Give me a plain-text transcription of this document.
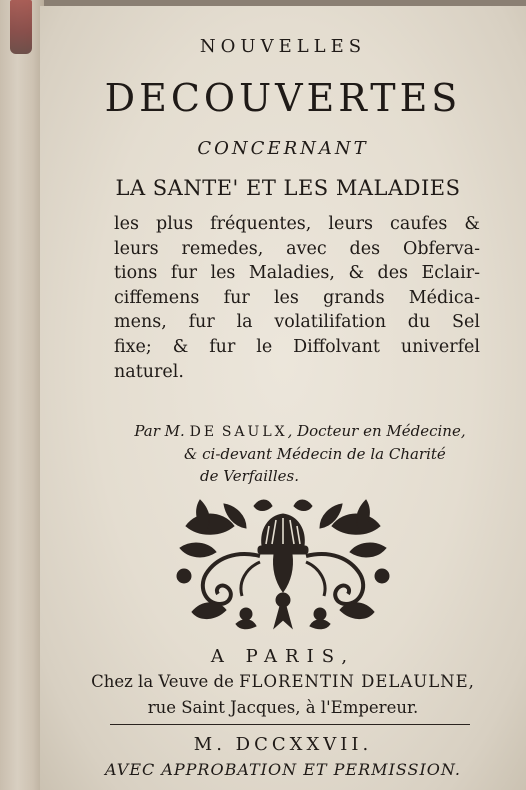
NOUVELLES
DECOUVERTES
CONCERNANT
LA SANTE' ET LES MALADIES
les plus fréquentes, leurs caufes &
leurs remedes, avec des Obferva-
tions fur les Maladies, & des Eclair-
ciffemens fur les grands Médica-
mens, fur la volatilifation du Sel
fixe; & fur le Diffolvant univerfel
naturel.
Par M. DE SAULX, Docteur en Médecine,
& ci-devant Médecin de la Charité
de Verfailles.
A PARIS,
Chez la Veuve de FLORENTIN DELAULNE,
rue Saint Jacques, à l'Empereur.
M. DCCXXVII.
AVEC APPROBATION ET PERMISSION.
